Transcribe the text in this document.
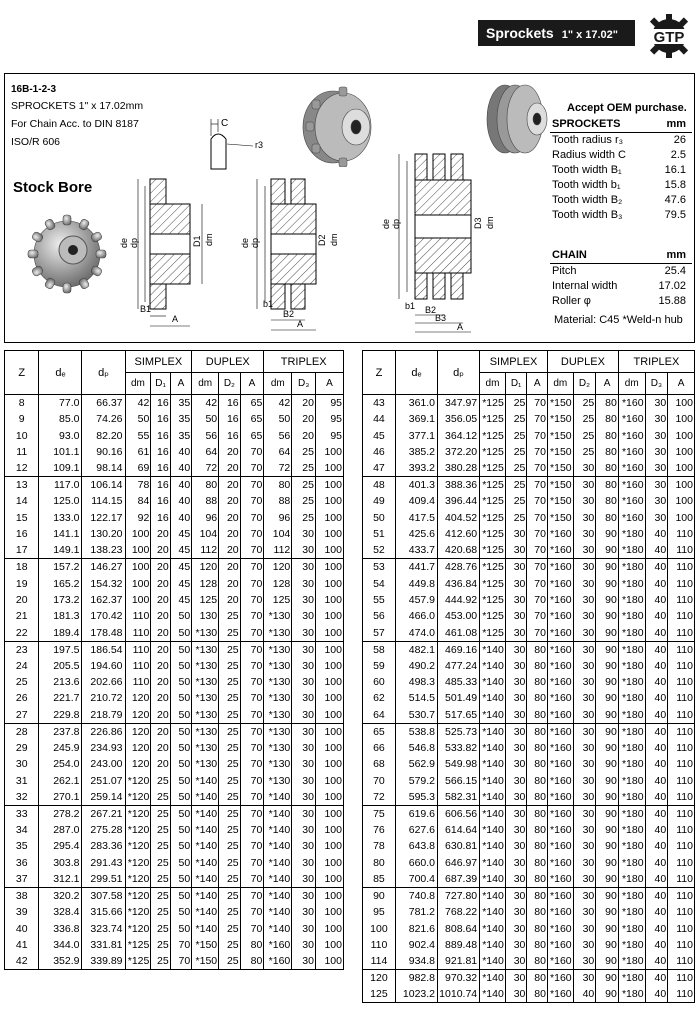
Sprockets 1" x 17.02" GTP
16B-1-2-3
SPROCKETS 1" x 17.02mm
For Chain Acc. to DIN 8187
ISO/R 606
Stock Bore
C
r3
de dp	D1 dm
B1
A
de dp	D2 dm
b1
B2
A
de dp	D3 dm
b1 B2
B3
A
Accept OEM purchase.
SPROCKETS	mm
Tooth radius r₃	26
Radius width C	2.5
Tooth width B₁	16.1
Tooth width b₁	15.8
Tooth width B₂	47.6
Tooth width B₃	79.5
CHAIN	mm
Pitch	25.4
Internal width	17.02
Roller φ	15.88
Material: C45 *Weld-n hub
Z	dₑ	dₚ	SIMPLEX			DUPLEX			TRIPLEX		
			dm	D₁	A	dm	D₂	A	dm	D₃	A
8	77.0	66.37	42	16	35	42	16	65	42	20	95
9	85.0	74.26	50	16	35	50	16	65	50	20	95
10	93.0	82.20	55	16	35	56	16	65	56	20	95
11	101.1	90.16	61	16	40	64	20	70	64	25	100
12	109.1	98.14	69	16	40	72	20	70	72	25	100
13	117.0	106.14	78	16	40	80	20	70	80	25	100
14	125.0	114.15	84	16	40	88	20	70	88	25	100
15	133.0	122.17	92	16	40	96	20	70	96	25	100
16	141.1	130.20	100	20	45	104	20	70	104	30	100
17	149.1	138.23	100	20	45	112	20	70	112	30	100
18	157.2	146.27	100	20	45	120	20	70	120	30	100
19	165.2	154.32	100	20	45	128	20	70	128	30	100
20	173.2	162.37	100	20	45	125	20	70	125	30	100
21	181.3	170.42	110	20	50	130	25	70	*130	30	100
22	189.4	178.48	110	20	50	*130	25	70	*130	30	100
23	197.5	186.54	110	20	50	*130	25	70	*130	30	100
24	205.5	194.60	110	20	50	*130	25	70	*130	30	100
25	213.6	202.66	110	20	50	*130	25	70	*130	30	100
26	221.7	210.72	120	20	50	*130	25	70	*130	30	100
27	229.8	218.79	120	20	50	*130	25	70	*130	30	100
28	237.8	226.86	120	20	50	*130	25	70	*130	30	100
29	245.9	234.93	120	20	50	*130	25	70	*130	30	100
30	254.0	243.00	120	20	50	*130	25	70	*130	30	100
31	262.1	251.07	*120	25	50	*140	25	70	*130	30	100
32	270.1	259.14	*120	25	50	*140	25	70	*140	30	100
33	278.2	267.21	*120	25	50	*140	25	70	*140	30	100
34	287.0	275.28	*120	25	50	*140	25	70	*140	30	100
35	295.4	283.36	*120	25	50	*140	25	70	*140	30	100
36	303.8	291.43	*120	25	50	*140	25	70	*140	30	100
37	312.1	299.51	*120	25	50	*140	25	70	*140	30	100
38	320.2	307.58	*120	25	50	*140	25	70	*140	30	100
39	328.4	315.66	*120	25	50	*140	25	70	*140	30	100
40	336.8	323.74	*120	25	50	*140	25	70	*140	30	100
41	344.0	331.81	*125	25	70	*150	25	80	*160	30	100
42	352.9	339.89	*125	25	70	*150	25	80	*160	30	100
Z	dₑ	dₚ	SIMPLEX			DUPLEX			TRIPLEX		
			dm	D₁	A	dm	D₂	A	dm	D₃	A
43	361.0	347.97	*125	25	70	*150	25	80	*160	30	100
44	369.1	356.05	*125	25	70	*150	25	80	*160	30	100
45	377.1	364.12	*125	25	70	*150	25	80	*160	30	100
46	385.2	372.20	*125	25	70	*150	25	80	*160	30	100
47	393.2	380.28	*125	25	70	*150	30	80	*160	30	100
48	401.3	388.36	*125	25	70	*150	30	80	*160	30	100
49	409.4	396.44	*125	25	70	*150	30	80	*160	30	100
50	417.5	404.52	*125	25	70	*150	30	80	*160	30	100
51	425.6	412.60	*125	30	70	*160	30	90	*180	40	110
52	433.7	420.68	*125	30	70	*160	30	90	*180	40	110
53	441.7	428.76	*125	30	70	*160	30	90	*180	40	110
54	449.8	436.84	*125	30	70	*160	30	90	*180	40	110
55	457.9	444.92	*125	30	70	*160	30	90	*180	40	110
56	466.0	453.00	*125	30	70	*160	30	90	*180	40	110
57	474.0	461.08	*125	30	70	*160	30	90	*180	40	110
58	482.1	469.16	*140	30	80	*160	30	90	*180	40	110
59	490.2	477.24	*140	30	80	*160	30	90	*180	40	110
60	498.3	485.33	*140	30	80	*160	30	90	*180	40	110
62	514.5	501.49	*140	30	80	*160	30	90	*180	40	110
64	530.7	517.65	*140	30	80	*160	30	90	*180	40	110
65	538.8	525.73	*140	30	80	*160	30	90	*180	40	110
66	546.8	533.82	*140	30	80	*160	30	90	*180	40	110
68	562.9	549.98	*140	30	80	*160	30	90	*180	40	110
70	579.2	566.15	*140	30	80	*160	30	90	*180	40	110
72	595.3	582.31	*140	30	80	*160	30	90	*180	40	110
75	619.6	606.56	*140	30	80	*160	30	90	*180	40	110
76	627.6	614.64	*140	30	80	*160	30	90	*180	40	110
78	643.8	630.81	*140	30	80	*160	30	90	*180	40	110
80	660.0	646.97	*140	30	80	*160	30	90	*180	40	110
85	700.4	687.39	*140	30	80	*160	30	90	*180	40	110
90	740.8	727.80	*140	30	80	*160	30	90	*180	40	110
95	781.2	768.22	*140	30	80	*160	30	90	*180	40	110
100	821.6	808.64	*140	30	80	*160	30	90	*180	40	110
110	902.4	889.48	*140	30	80	*160	30	90	*180	40	110
114	934.8	921.81	*140	30	80	*160	30	90	*180	40	110
120	982.8	970.32	*140	30	80	*160	30	90	*180	40	110
125	1023.2	1010.74	*140	30	80	*160	40	90	*180	40	110
